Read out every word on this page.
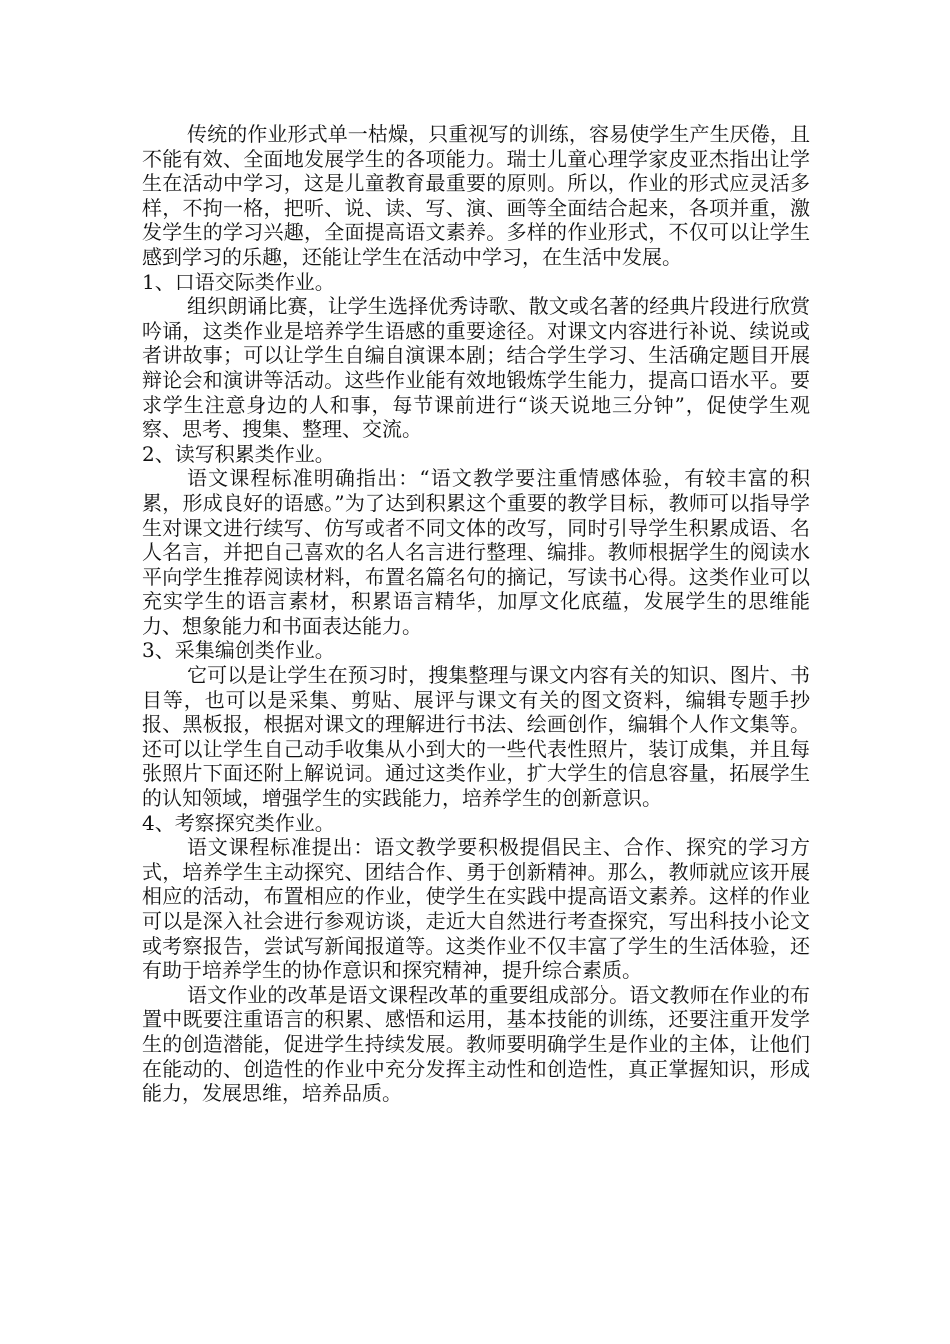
传统的作业形式单一枯燥，只重视写的训练，容易使学生产生厌倦，且不能有效、全面地发展学生的各项能力。瑞士儿童心理学家皮亚杰指出让学生在活动中学习，这是儿童教育最重要的原则。所以，作业的形式应灵活多样，不拘一格，把听、说、读、写、演、画等全面结合起来，各项并重，激发学生的学习兴趣，全面提高语文素养。多样的作业形式，不仅可以让学生感到学习的乐趣，还能让学生在活动中学习，在生活中发展。

1、口语交际类作业。

组织朗诵比赛，让学生选择优秀诗歌、散文或名著的经典片段进行欣赏吟诵，这类作业是培养学生语感的重要途径。对课文内容进行补说、续说或者讲故事；可以让学生自编自演课本剧；结合学生学习、生活确定题目开展辩论会和演讲等活动。这些作业能有效地锻炼学生能力，提高口语水平。要求学生注意身边的人和事，每节课前进行“谈天说地三分钟”，促使学生观察、思考、搜集、整理、交流。

2、读写积累类作业。

语文课程标准明确指出：“语文教学要注重情感体验，有较丰富的积累，形成良好的语感。”为了达到积累这个重要的教学目标，教师可以指导学生对课文进行续写、仿写或者不同文体的改写，同时引导学生积累成语、名人名言，并把自己喜欢的名人名言进行整理、编排。教师根据学生的阅读水平向学生推荐阅读材料，布置名篇名句的摘记，写读书心得。这类作业可以充实学生的语言素材，积累语言精华，加厚文化底蕴，发展学生的思维能力、想象能力和书面表达能力。

3、采集编创类作业。

它可以是让学生在预习时，搜集整理与课文内容有关的知识、图片、书目等，也可以是采集、剪贴、展评与课文有关的图文资料，编辑专题手抄报、黑板报，根据对课文的理解进行书法、绘画创作，编辑个人作文集等。还可以让学生自己动手收集从小到大的一些代表性照片，装订成集，并且每张照片下面还附上解说词。通过这类作业，扩大学生的信息容量，拓展学生的认知领域，增强学生的实践能力，培养学生的创新意识。

4、考察探究类作业。

语文课程标准提出：语文教学要积极提倡民主、合作、探究的学习方式，培养学生主动探究、团结合作、勇于创新精神。那么，教师就应该开展相应的活动，布置相应的作业，使学生在实践中提高语文素养。这样的作业可以是深入社会进行参观访谈，走近大自然进行考查探究，写出科技小论文或考察报告，尝试写新闻报道等。这类作业不仅丰富了学生的生活体验，还有助于培养学生的协作意识和探究精神，提升综合素质。

语文作业的改革是语文课程改革的重要组成部分。语文教师在作业的布置中既要注重语言的积累、感悟和运用，基本技能的训练，还要注重开发学生的创造潜能，促进学生持续发展。教师要明确学生是作业的主体，让他们在能动的、创造性的作业中充分发挥主动性和创造性，真正掌握知识，形成能力，发展思维，培养品质。
